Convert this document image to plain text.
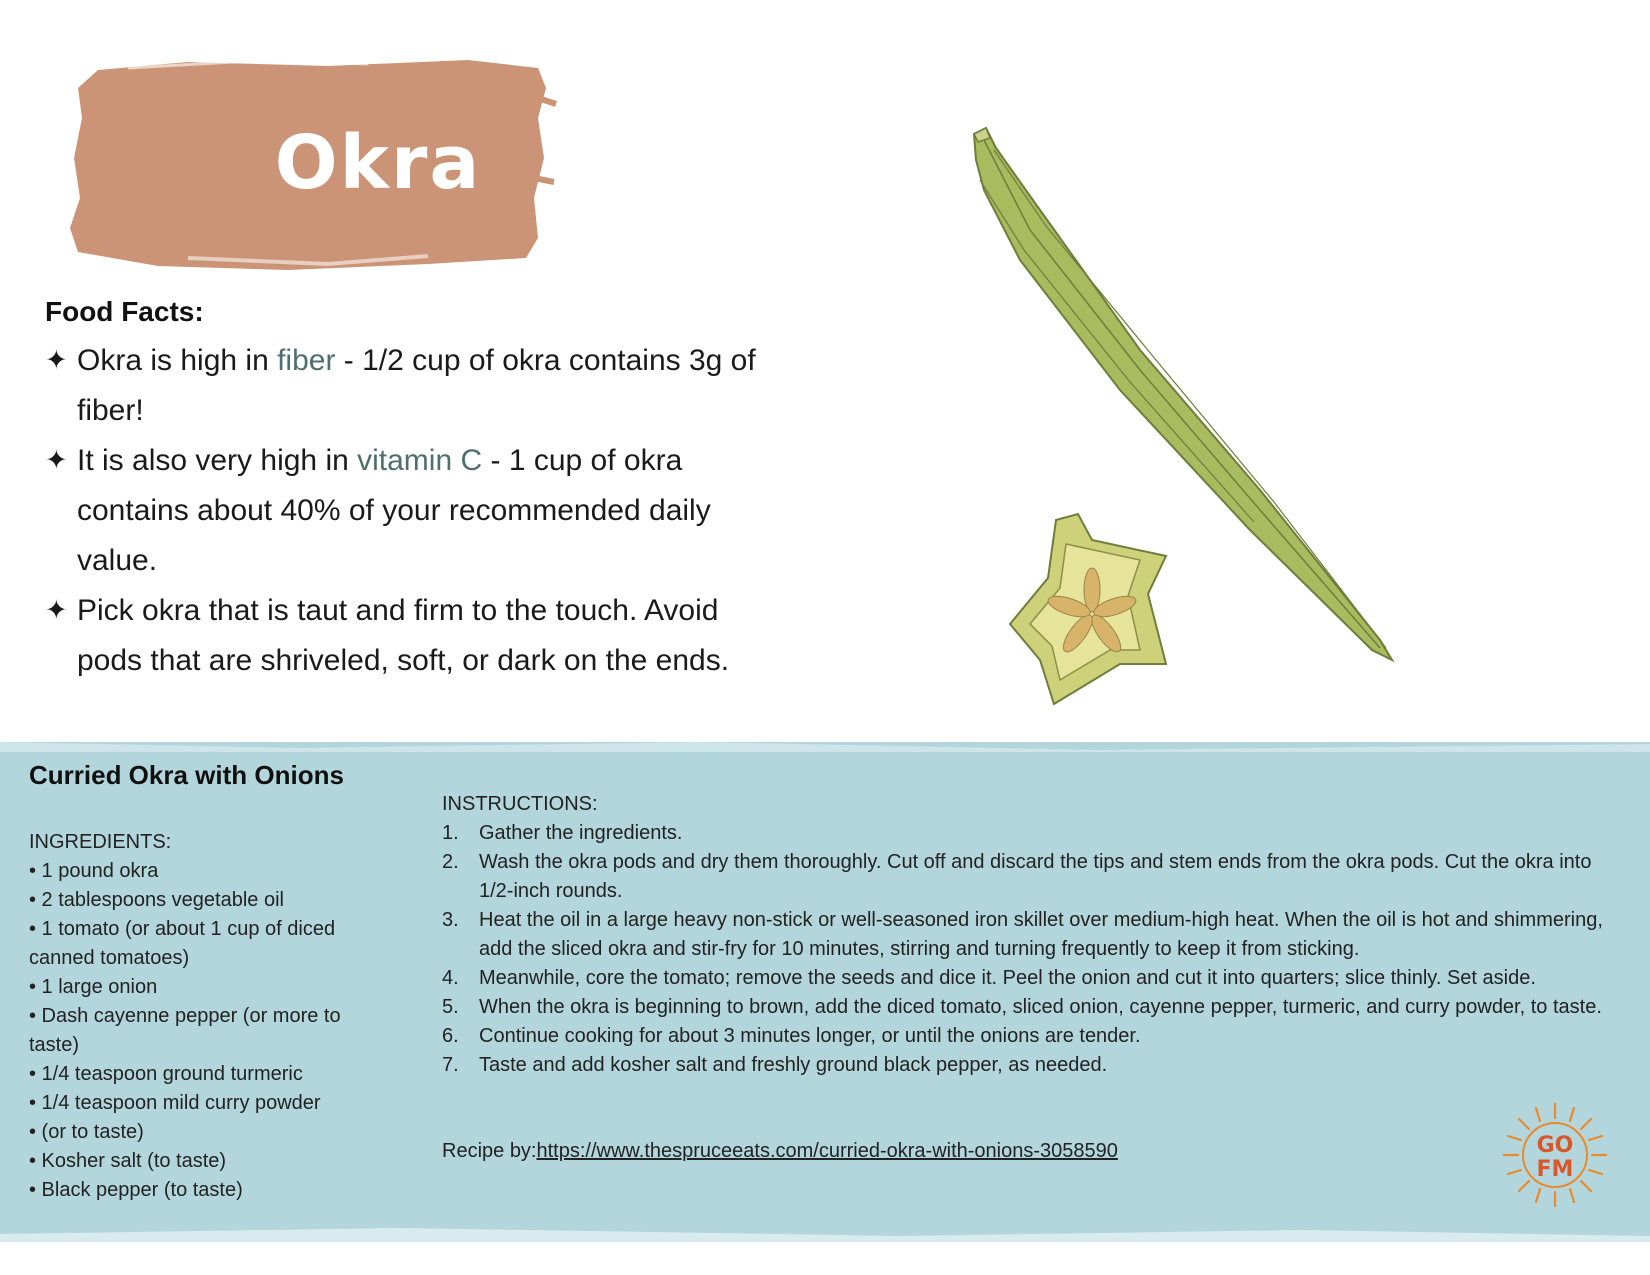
Okra

Food Facts:

✦ Okra is high in fiber - 1/2 cup of okra contains 3g of fiber!

✦ It is also very high in vitamin C - 1 cup of okra contains about 40% of your recommended daily value.

✦ Pick okra that is taut and firm to the touch. Avoid pods that are shriveled, soft, or dark on the ends.

Curried Okra with Onions

INGREDIENTS:

• 1 pound okra
• 2 tablespoons vegetable oil
• 1 tomato (or about 1 cup of diced canned tomatoes)
• 1 large onion
• Dash cayenne pepper (or more to taste)
• 1/4 teaspoon ground turmeric
• 1/4 teaspoon mild curry powder
• (or to taste)
• Kosher salt (to taste)
• Black pepper (to taste)

INSTRUCTIONS:

1. Gather the ingredients.
2. Wash the okra pods and dry them thoroughly. Cut off and discard the tips and stem ends from the okra pods. Cut the okra into 1/2-inch rounds.
3. Heat the oil in a large heavy non-stick or well-seasoned iron skillet over medium-high heat. When the oil is hot and shimmering, add the sliced okra and stir-fry for 10 minutes, stirring and turning frequently to keep it from sticking.
4. Meanwhile, core the tomato; remove the seeds and dice it. Peel the onion and cut it into quarters; slice thinly. Set aside.
5. When the okra is beginning to brown, add the diced tomato, sliced onion, cayenne pepper, turmeric, and curry powder, to taste.
6. Continue cooking for about 3 minutes longer, or until the onions are tender.
7. Taste and add kosher salt and freshly ground black pepper, as needed.
Recipe by:https://www.thespruceeats.com/curried-okra-with-onions-3058590	GO
FM
